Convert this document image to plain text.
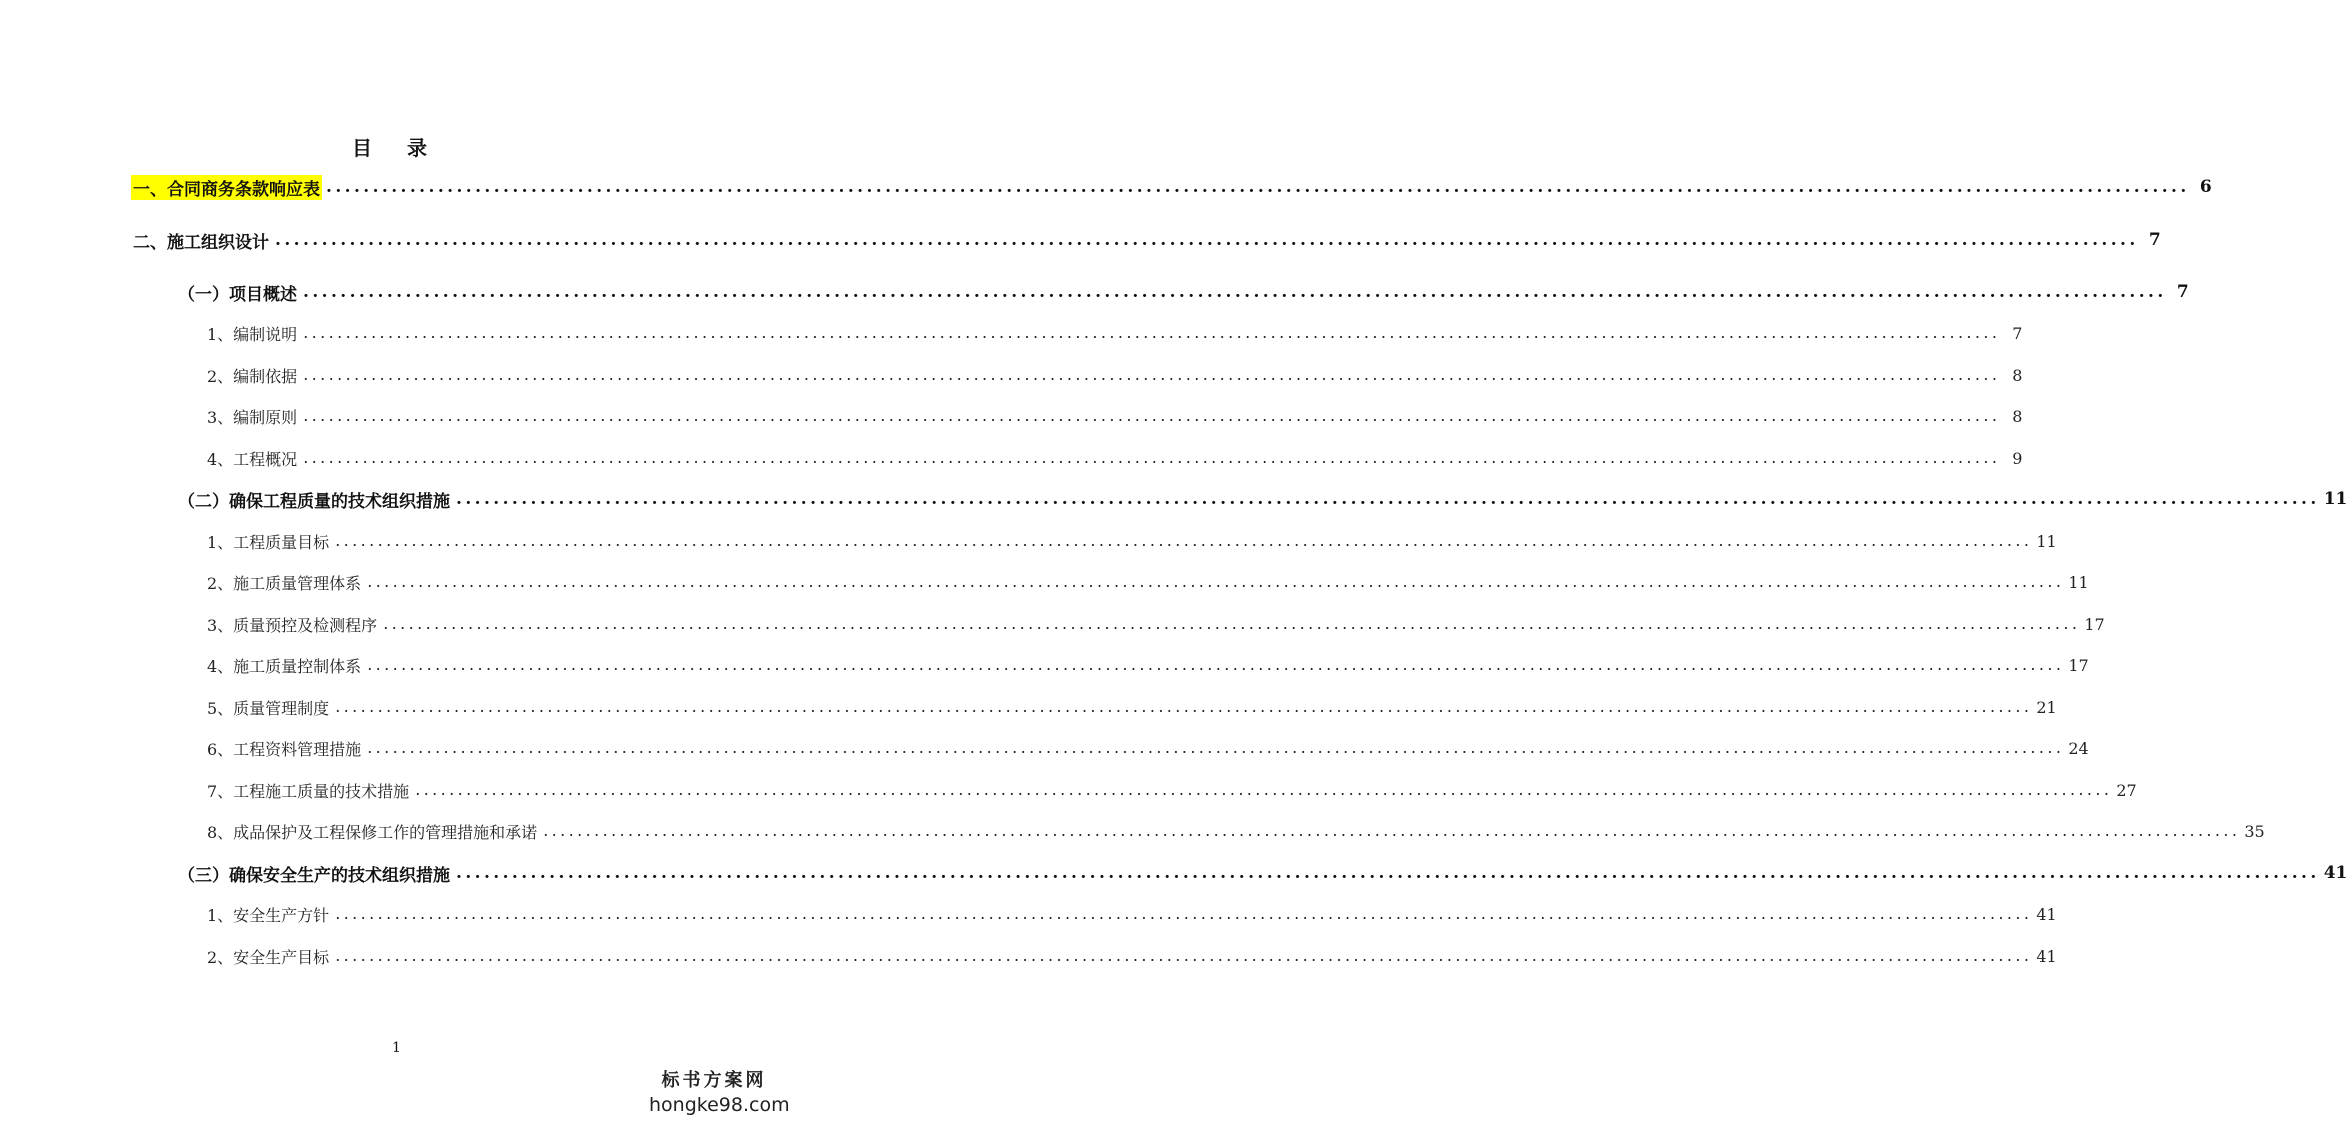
目 录
一、合同商务条款响应表 ........................................................................................................................................................................................................ 6
二、施工组织设计 ........................................................................................................................................................................................................ 7
（一）项目概述 ........................................................................................................................................................................................................ 7
1、编制说明 ........................................................................................................................................................................................................ 7
2、编制依据 ........................................................................................................................................................................................................ 8
3、编制原则 ........................................................................................................................................................................................................ 8
4、工程概况 ........................................................................................................................................................................................................ 9
（二）确保工程质量的技术组织措施 ........................................................................................................................................................................................................ 11
1、工程质量目标 ........................................................................................................................................................................................................ 11
2、施工质量管理体系 ........................................................................................................................................................................................................ 11
3、质量预控及检测程序 ........................................................................................................................................................................................................ 17
4、施工质量控制体系 ........................................................................................................................................................................................................ 17
5、质量管理制度 ........................................................................................................................................................................................................ 21
6、工程资料管理措施 ........................................................................................................................................................................................................ 24
7、工程施工质量的技术措施 ........................................................................................................................................................................................................ 27
8、成品保护及工程保修工作的管理措施和承诺 ........................................................................................................................................................................................................ 35
（三）确保安全生产的技术组织措施 ........................................................................................................................................................................................................ 41
1、安全生产方针 ........................................................................................................................................................................................................ 41
2、安全生产目标 ........................................................................................................................................................................................................ 41
1
标书方案网
hongke98.com
